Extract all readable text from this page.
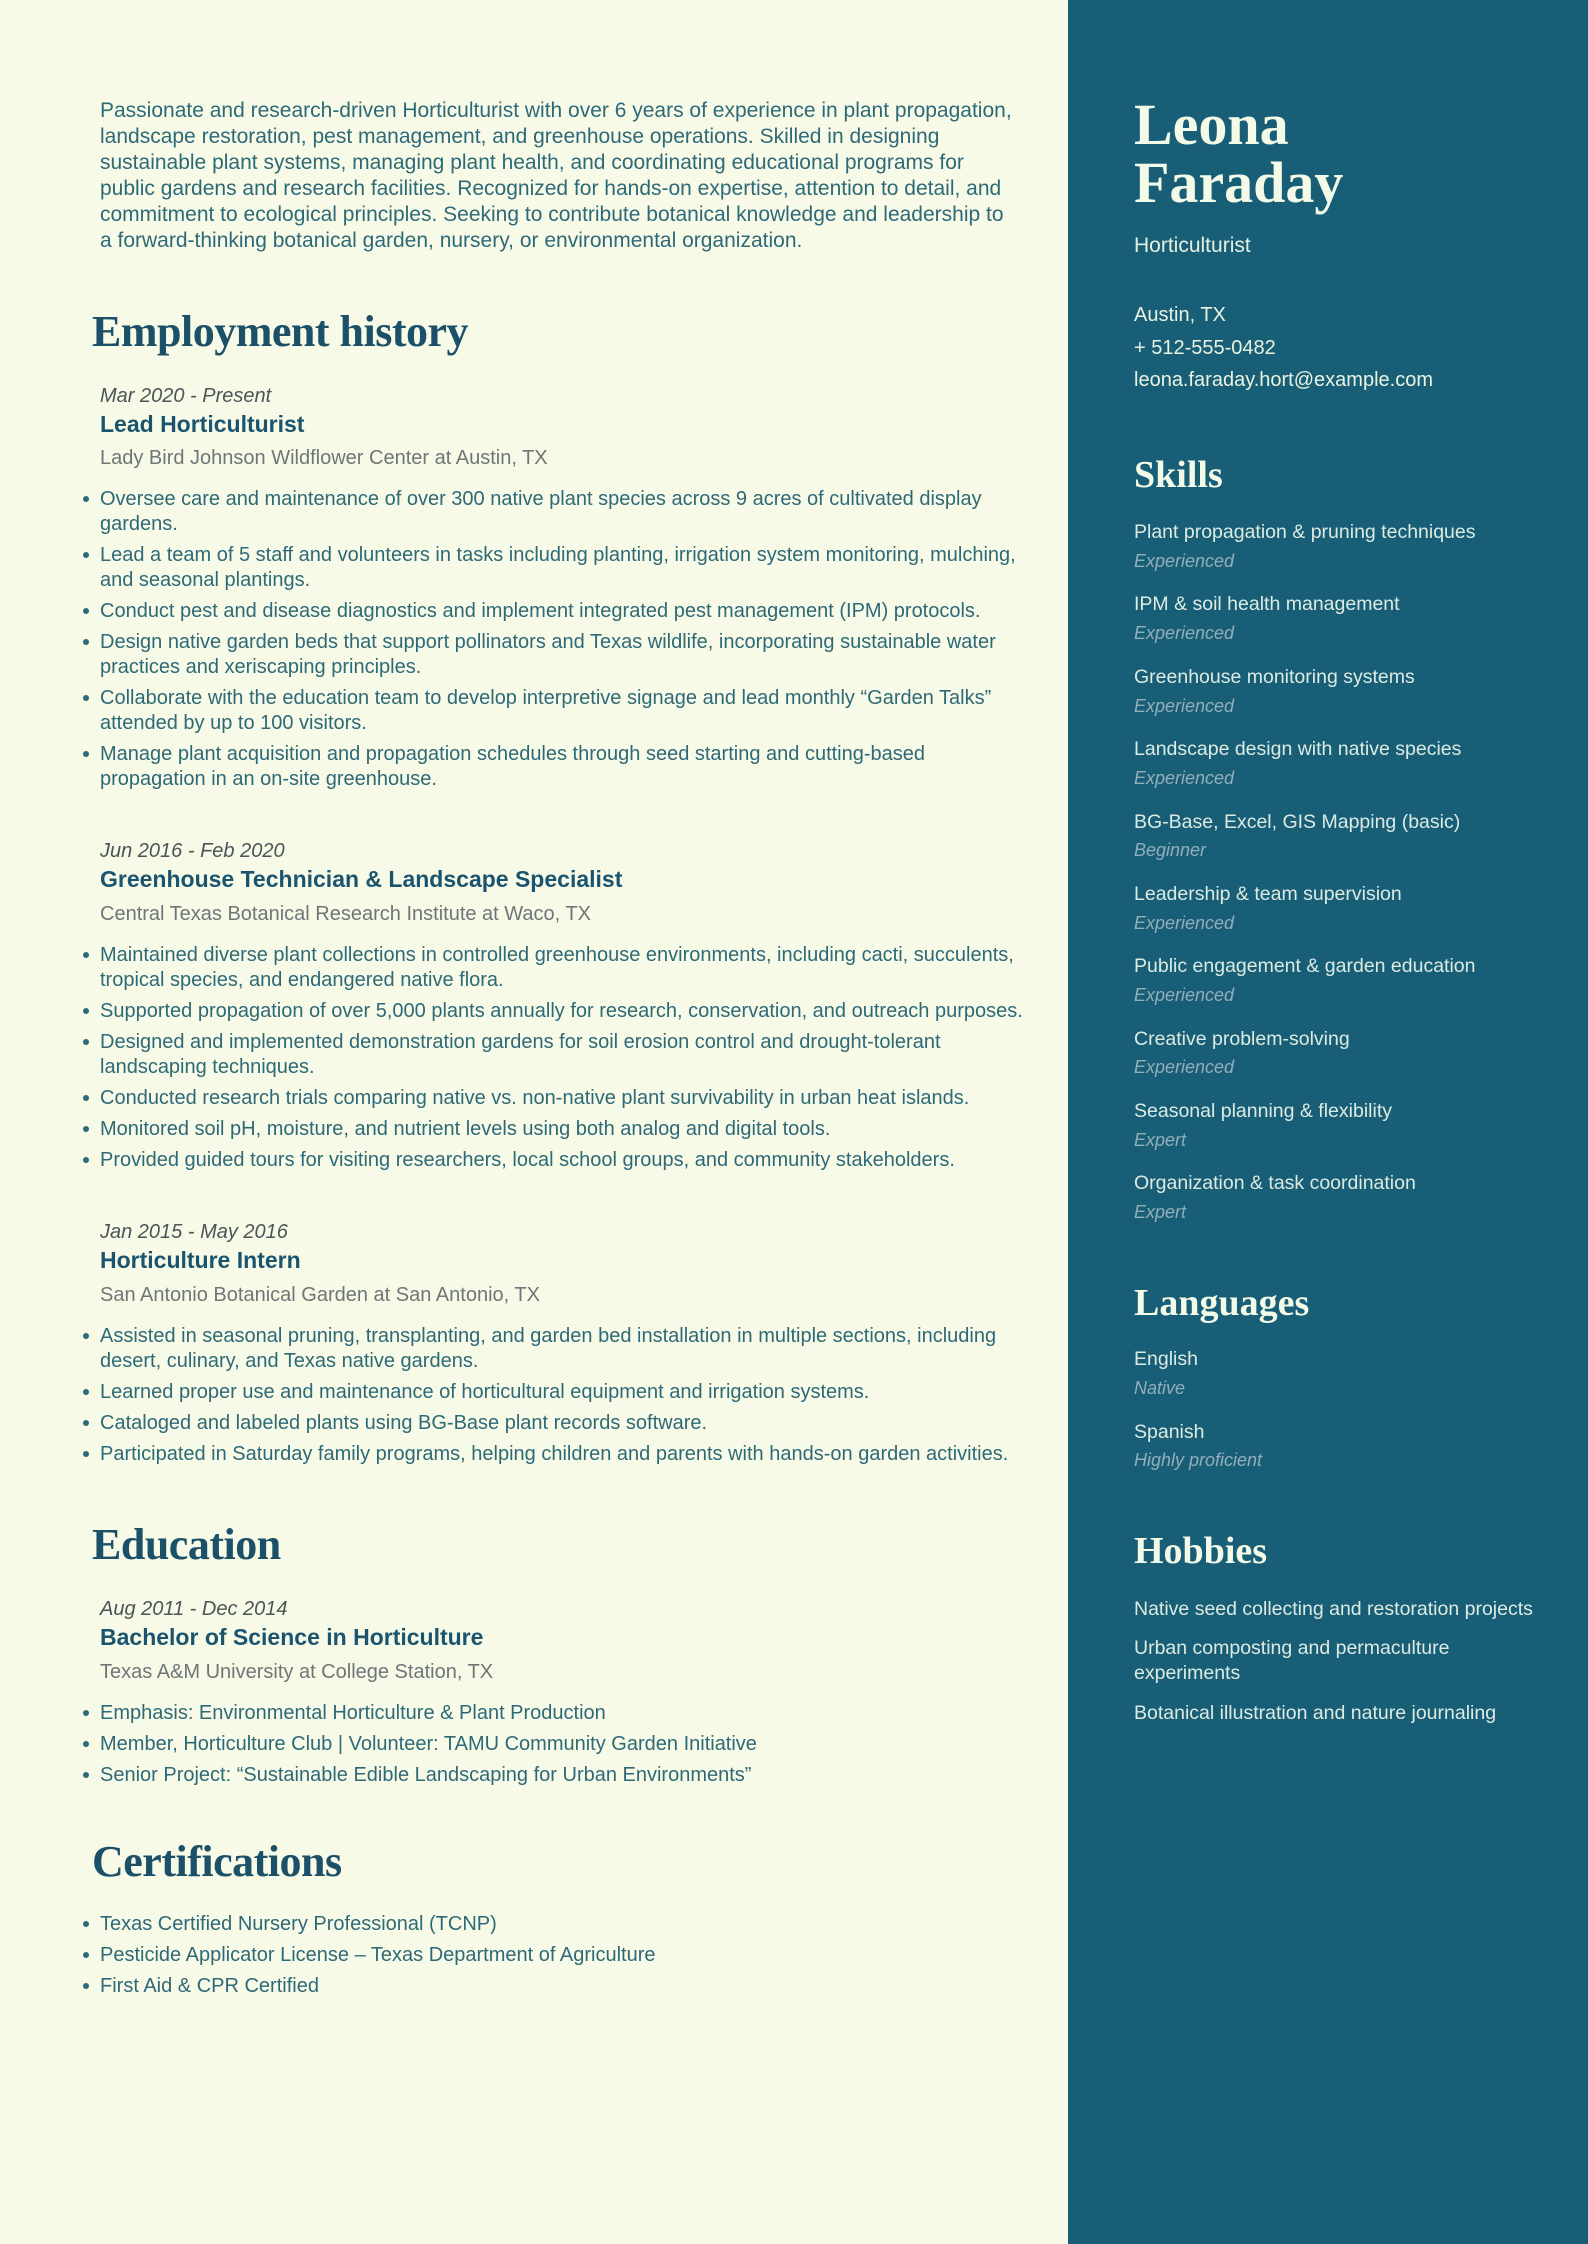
Passionate and research-driven Horticulturist with over 6 years of experience in plant propagation, landscape restoration, pest management, and greenhouse operations. Skilled in designing sustainable plant systems, managing plant health, and coordinating educational programs for public gardens and research facilities. Recognized for hands-on expertise, attention to detail, and commitment to ecological principles. Seeking to contribute botanical knowledge and leadership to a forward-thinking botanical garden, nursery, or environmental organization.

Employment history
Mar 2020 - Present
Lead Horticulturist
Lady Bird Johnson Wildflower Center at Austin, TX
Oversee care and maintenance of over 300 native plant species across 9 acres of cultivated display gardens.
Lead a team of 5 staff and volunteers in tasks including planting, irrigation system monitoring, mulching, and seasonal plantings.
Conduct pest and disease diagnostics and implement integrated pest management (IPM) protocols.
Design native garden beds that support pollinators and Texas wildlife, incorporating sustainable water practices and xeriscaping principles.
Collaborate with the education team to develop interpretive signage and lead monthly “Garden Talks” attended by up to 100 visitors.
Manage plant acquisition and propagation schedules through seed starting and cutting-based propagation in an on-site greenhouse.
Jun 2016 - Feb 2020
Greenhouse Technician & Landscape Specialist
Central Texas Botanical Research Institute at Waco, TX
Maintained diverse plant collections in controlled greenhouse environments, including cacti, succulents, tropical species, and endangered native flora.
Supported propagation of over 5,000 plants annually for research, conservation, and outreach purposes.
Designed and implemented demonstration gardens for soil erosion control and drought-tolerant landscaping techniques.
Conducted research trials comparing native vs. non-native plant survivability in urban heat islands.
Monitored soil pH, moisture, and nutrient levels using both analog and digital tools.
Provided guided tours for visiting researchers, local school groups, and community stakeholders.
Jan 2015 - May 2016
Horticulture Intern
San Antonio Botanical Garden at San Antonio, TX
Assisted in seasonal pruning, transplanting, and garden bed installation in multiple sections, including desert, culinary, and Texas native gardens.
Learned proper use and maintenance of horticultural equipment and irrigation systems.
Cataloged and labeled plants using BG-Base plant records software.
Participated in Saturday family programs, helping children and parents with hands-on garden activities.
Education
Aug 2011 - Dec 2014
Bachelor of Science in Horticulture
Texas A&M University at College Station, TX
Emphasis: Environmental Horticulture & Plant Production
Member, Horticulture Club | Volunteer: TAMU Community Garden Initiative
Senior Project: “Sustainable Edible Landscaping for Urban Environments”
Certifications
Texas Certified Nursery Professional (TCNP)
Pesticide Applicator License – Texas Department of Agriculture
First Aid & CPR Certified
Leona
Faraday
Horticulturist
Austin, TX
+ 512-555-0482
leona.faraday.hort@example.com
Skills
Plant propagation & pruning techniques
Experienced
IPM & soil health management
Experienced
Greenhouse monitoring systems
Experienced
Landscape design with native species
Experienced
BG-Base, Excel, GIS Mapping (basic)
Beginner
Leadership & team supervision
Experienced
Public engagement & garden education
Experienced
Creative problem-solving
Experienced
Seasonal planning & flexibility
Expert
Organization & task coordination
Expert
Languages
English
Native
Spanish
Highly proficient
Hobbies
Native seed collecting and restoration projects
Urban composting and permaculture experiments
Botanical illustration and nature journaling
